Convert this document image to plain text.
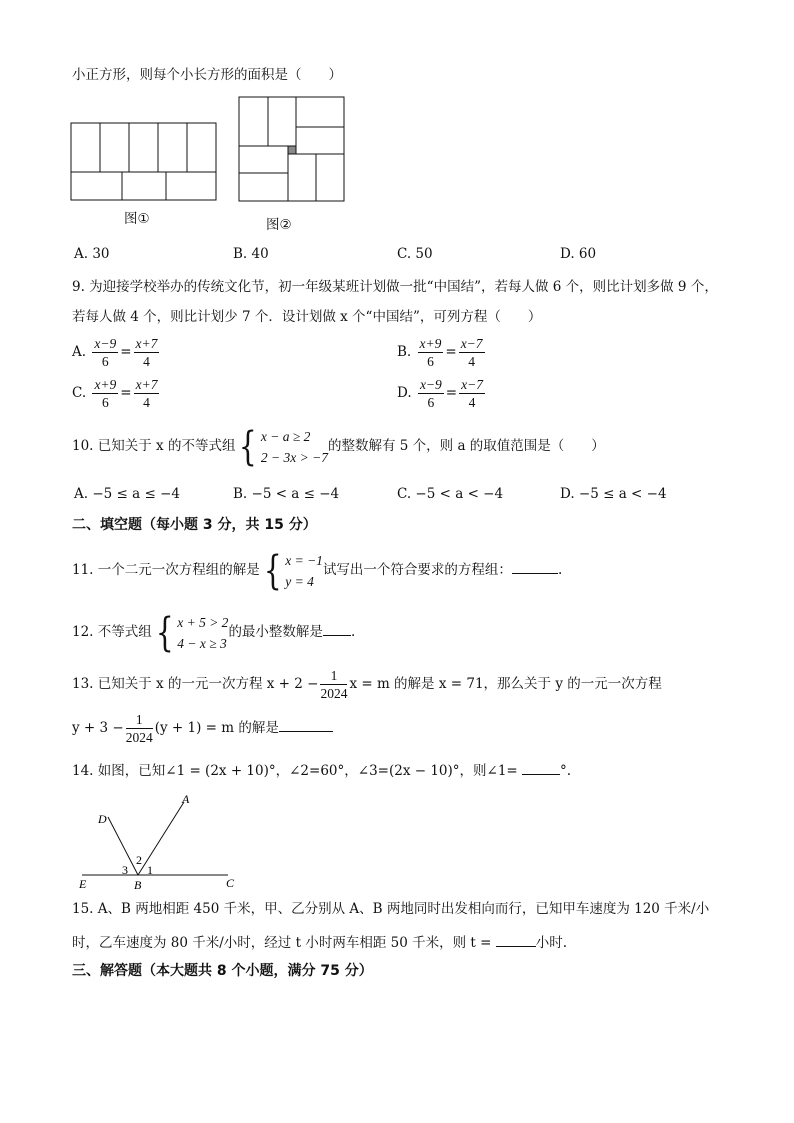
小正方形，则每个小长方形的面积是（　　）
图①	图②
A. 30	B. 40	C. 50	D. 60
9. 为迎接学校举办的传统文化节，初一年级某班计划做一批“中国结”，若每人做 6 个，则比计划多做 9 个，
若每人做 4 个，则比计划少 7 个．设计划做 x 个“中国结”，可列方程（　　）
A. $\frac{x-9}{6} = \frac{x+7}{4}$	B. $\frac{x+9}{6} = \frac{x-7}{4}$
C. $\frac{x+9}{6} = \frac{x+7}{4}$	D. $\frac{x-9}{6} = \frac{x-7}{4}$
10. 已知关于 x 的不等式组{ x − a ≥ 2
2 − 3x > −7
的整数解有 5 个，则 a 的取值范围是（　　）
A. −5 ≤ a ≤ −4	B. −5 < a ≤ −4	C. −5 < a < −4	D. −5 ≤ a < −4
二、填空题（每小题 3 分，共 15 分）
11. 一个二元一次方程组的解是{ x = −1
y = 4
试写出一个符合要求的方程组：	.
12. 不等式组{ x + 5 > 2
4 − x ≥ 3
的最小整数解是 .
13. 已知关于 x 的一元一次方程 $x + 2 - \frac{1}{2024}$ x = m 的解是 x = 71，那么关于 y 的一元一次方程
$y + 3 - \frac{1}{2024} (y + 1) = m$ 的解是
14. 如图，已知∠1 = (2x + 10)°，∠2=60°，∠3=(2x − 10)°，则∠1=	°.
D
A
E	B	C
1
2
3
15. A、B 两地相距 450 千米，甲、乙分别从 A、B 两地同时出发相向而行，已知甲车速度为 120 千米/小
时，乙车速度为 80 千米/小时，经过 t 小时两车相距 50 千米，则 t =	小时.
三、解答题（本大题共 8 个小题，满分 75 分）
